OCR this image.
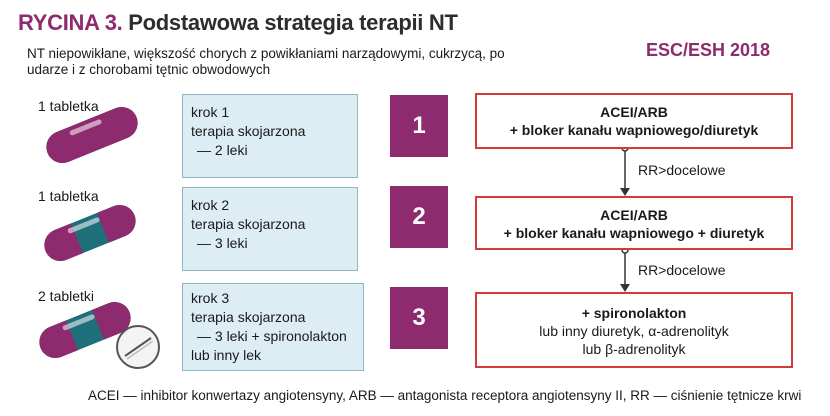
RYCINA 3. Podstawowa strategia terapii NT
NT niepowikłane, większość chorych z powikłaniami narządowymi, cukrzycą, po udarze i z chorobami tętnic obwodowych
ESC/ESH 2018
1 tabletka
1 tabletka
2 tabletki
krok 1
terapia skojarzona
— 2 leki
krok 2
terapia skojarzona
— 3 leki
krok 3
terapia skojarzona
— 3 leki + spironolakton
lub inny lek
1
2
3
ACEI/ARB
+ bloker kanału wapniowego/diuretyk
ACEI/ARB
+ bloker kanału wapniowego + diuretyk
+ spironolakton
lub inny diuretyk, α-adrenolityk
lub β-adrenolityk
RR>docelowe
RR>docelowe
ACEI — inhibitor konwertazy angiotensyny, ARB — antagonista receptora angiotensyny II, RR — ciśnienie tętnicze krwi
